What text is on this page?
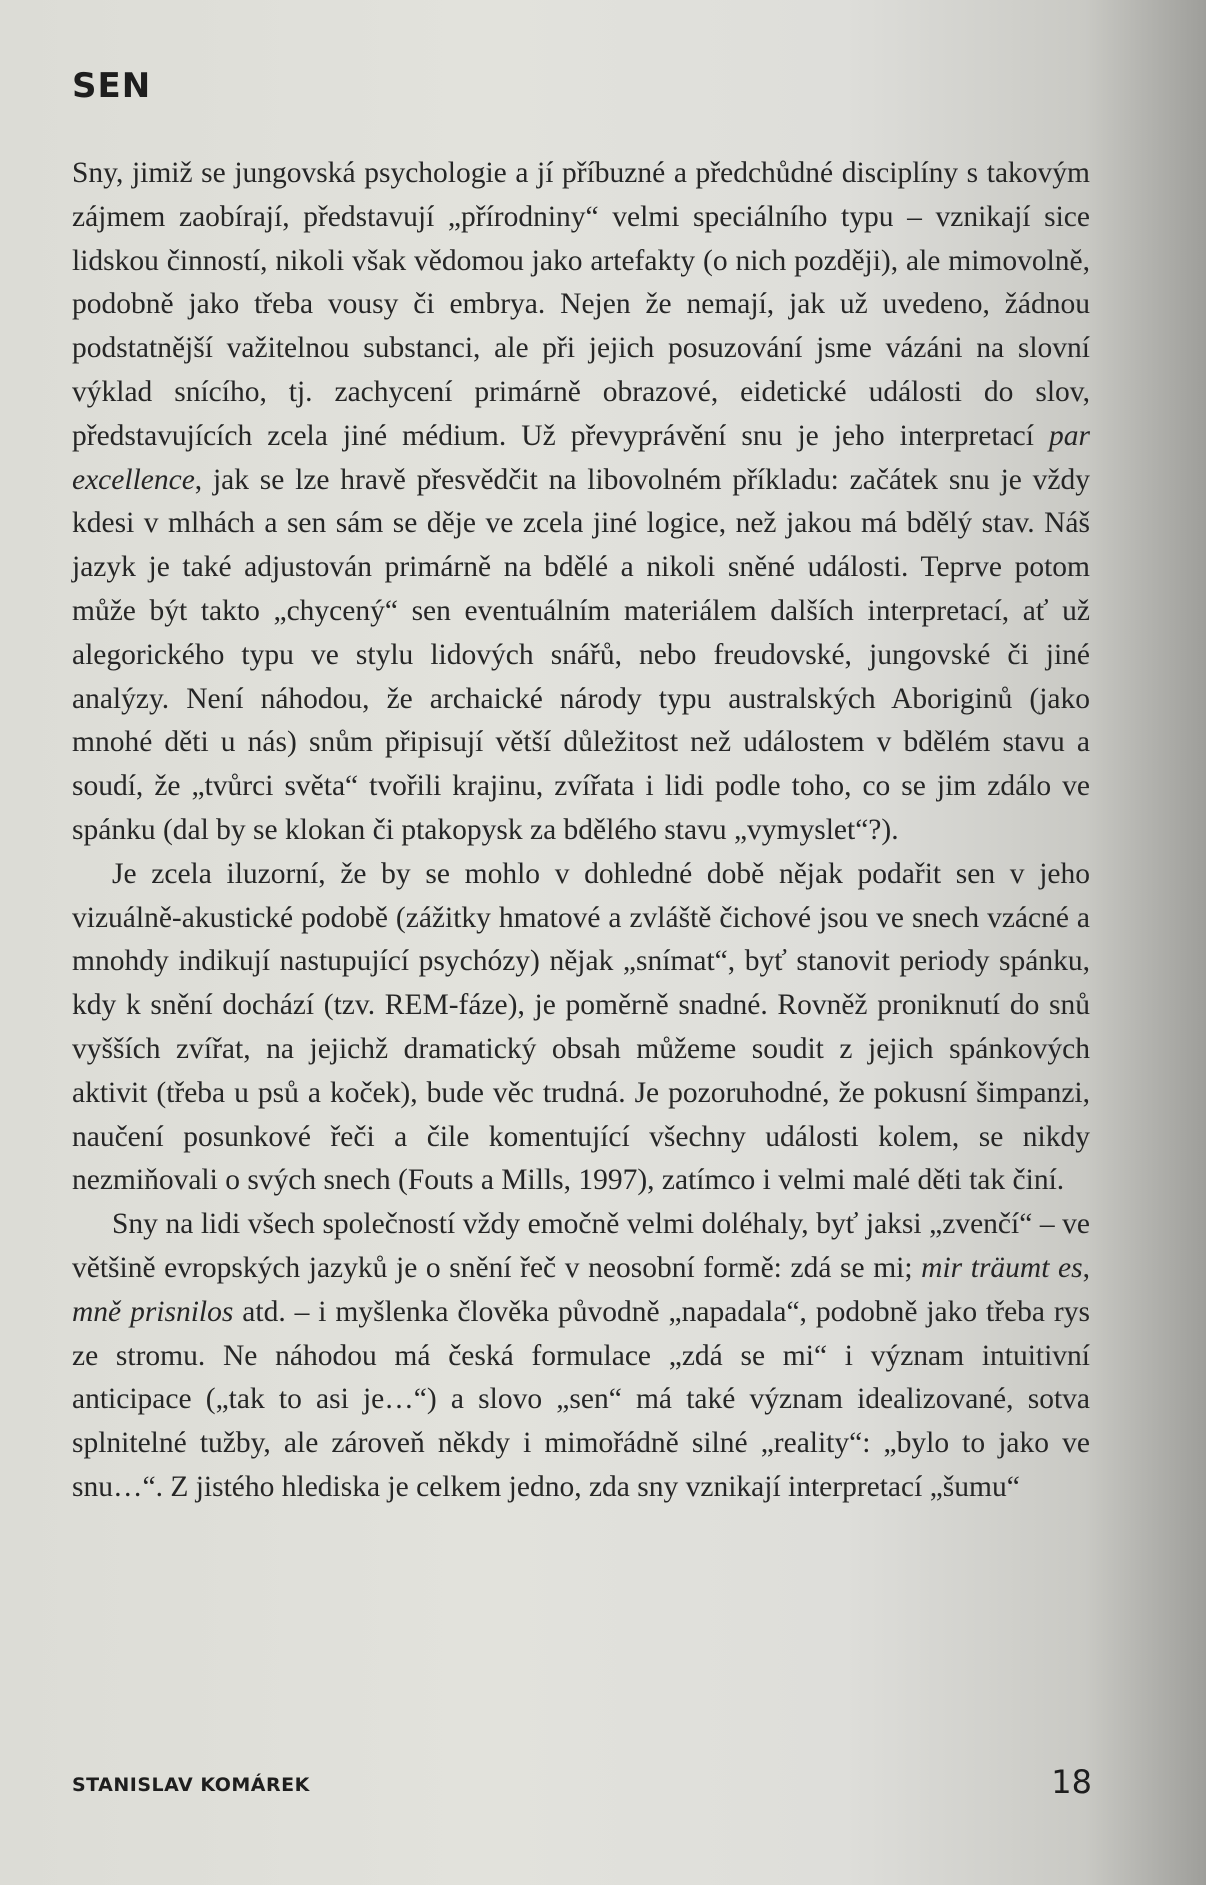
SEN

Sny, jimiž se jungovská psychologie a jí příbuzné a předchůdné disciplíny s takovým zájmem zaobírají, představují „přírodniny“ velmi speciálního typu – vznikají sice lidskou činností, nikoli však vědomou jako artefakty (o nich později), ale mimovolně, podobně jako třeba vousy či embrya. Nejen že nemají, jak už uvedeno, žádnou podstatnější važitelnou substanci, ale při jejich posuzování jsme vázáni na slovní výklad snícího, tj. zachycení primárně obrazové, eidetické události do slov, představujících zcela jiné médium. Už převyprávění snu je jeho interpretací par excellence, jak se lze hravě přesvědčit na libovolném příkladu: začátek snu je vždy kdesi v mlhách a sen sám se děje ve zcela jiné logice, než jakou má bdělý stav. Náš jazyk je také adjustován primárně na bdělé a nikoli sněné události. Teprve potom může být takto „chycený“ sen eventuálním materiálem dalších interpretací, ať už alegorického typu ve stylu lidových snářů, nebo freudovské, jungovské či jiné analýzy. Není náhodou, že archaické národy typu australských Aboriginů (jako mnohé děti u nás) snům připisují větší důležitost než událostem v bdělém stavu a soudí, že „tvůrci světa“ tvořili krajinu, zvířata i lidi podle toho, co se jim zdálo ve spánku (dal by se klokan či ptakopysk za bdělého stavu „vymyslet“?).

Je zcela iluzorní, že by se mohlo v dohledné době nějak podařit sen v jeho vizuálně-akustické podobě (zážitky hmatové a zvláště čichové jsou ve snech vzácné a mnohdy indikují nastupující psychózy) nějak „snímat“, byť stanovit periody spánku, kdy k snění dochází (tzv. REM-fáze), je poměrně snadné. Rovněž proniknutí do snů vyšších zvířat, na jejichž dramatický obsah můžeme soudit z jejich spánkových aktivit (třeba u psů a koček), bude věc trudná. Je pozoruhodné, že pokusní šimpanzi, naučení posunkové řeči a čile komentující všechny události kolem, se nikdy nezmiňovali o svých snech (Fouts a Mills, 1997), zatímco i velmi malé děti tak činí.

Sny na lidi všech společností vždy emočně velmi doléhaly, byť jaksi „zvenčí“ – ve většině evropských jazyků je o snění řeč v neosobní formě: zdá se mi; mir träumt es, mně prisnilos atd. – i myšlenka člověka původně „napadala“, podobně jako třeba rys ze stromu. Ne náhodou má česká formulace „zdá se mi“ i význam intuitivní anticipace („tak to asi je…“) a slovo „sen“ má také význam idealizované, sotva splnitelné tužby, ale zároveň někdy i mimořádně silné „reality“: „bylo to jako ve snu…“. Z jistého hlediska je celkem jedno, zda sny vznikají interpretací „šumu“

STANISLAV KOMÁREK	18
